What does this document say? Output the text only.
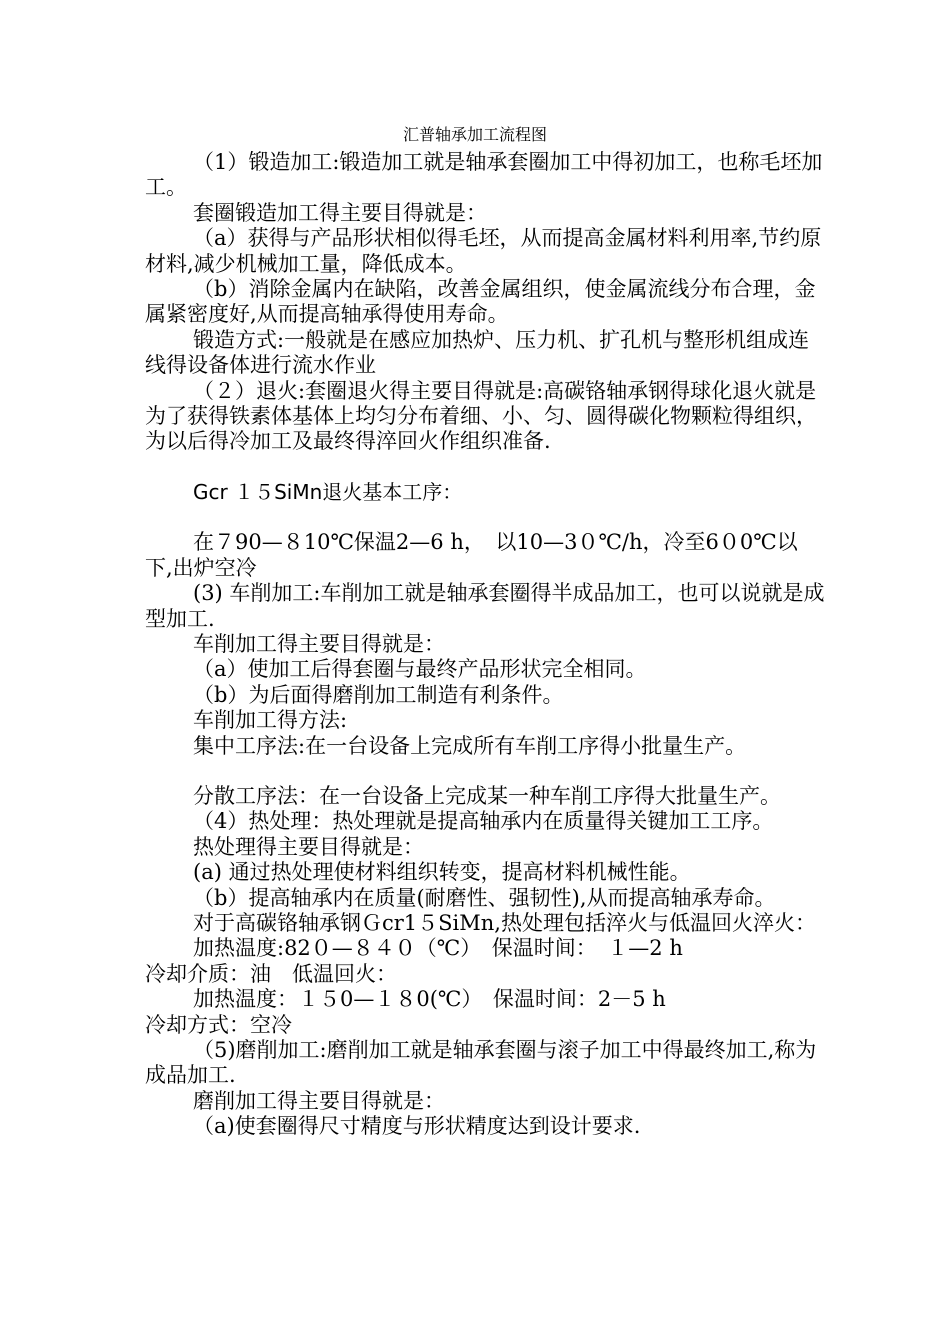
汇普轴承加工流程图

（1）锻造加工:锻造加工就是轴承套圈加工中得初加工，也称毛坯加工。

套圈锻造加工得主要目得就是：

（a）获得与产品形状相似得毛坯，从而提高金属材料利用率,节约原材料,减少机械加工量，降低成本。

（b）消除金属内在缺陷，改善金属组织，使金属流线分布合理，金属紧密度好,从而提高轴承得使用寿命。

锻造方式:一般就是在感应加热炉、压力机、扩孔机与整形机组成连线得设备体进行流水作业

（２）退火:套圈退火得主要目得就是:高碳铬轴承钢得球化退火就是为了获得铁素体基体上均匀分布着细、小、匀、圆得碳化物颗粒得组织，为以后得冷加工及最终得淬回火作组织准备.

Gcr １５SiMn退火基本工序：

在７90—８10℃保温2—6 h，　以10—3０℃/h，冷至6０0℃以下,出炉空冷

(3) 车削加工:车削加工就是轴承套圈得半成品加工，也可以说就是成型加工.

车削加工得主要目得就是：

（a）使加工后得套圈与最终产品形状完全相同。

（b）为后面得磨削加工制造有利条件。

车削加工得方法:

集中工序法:在一台设备上完成所有车削工序得小批量生产。

分散工序法：在一台设备上完成某一种车削工序得大批量生产。

（4）热处理：热处理就是提高轴承内在质量得关键加工工序。

热处理得主要目得就是：

(a) 通过热处理使材料组织转变，提高材料机械性能。

（b）提高轴承内在质量(耐磨性、强韧性),从而提高轴承寿命。

对于高碳铬轴承钢Ｇcr1５SiMn,热处理包括淬火与低温回火淬火：

加热温度:82０—８４０（℃）　保温时间：　１—2 h

冷却介质：油　低温回火：

加热温度：１５0—１８0(℃）　保温时间：2－5 h

冷却方式：空冷

（5)磨削加工:磨削加工就是轴承套圈与滚子加工中得最终加工,称为成品加工.

磨削加工得主要目得就是：

（a)使套圈得尺寸精度与形状精度达到设计要求.
